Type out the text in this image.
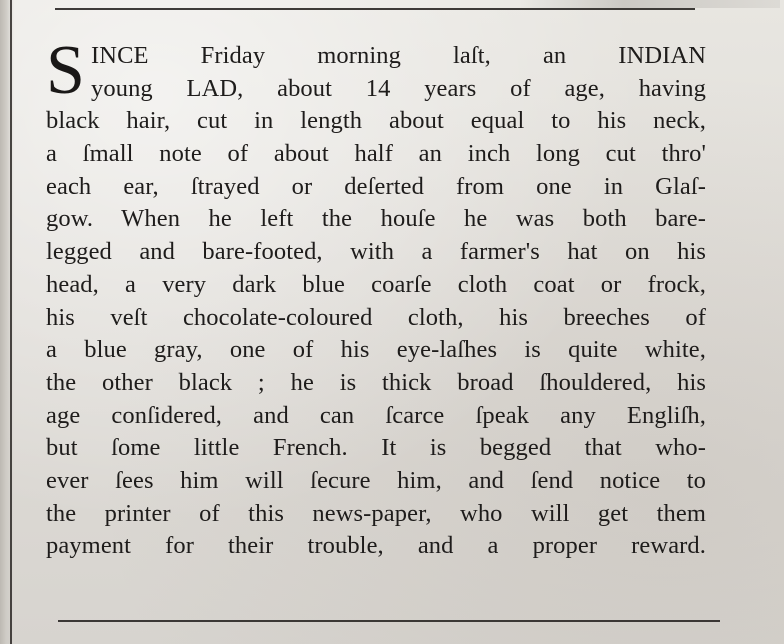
S INCE Friday morning laſt, an INDIAN
young LAD, about 14 years of age, having
black hair, cut in length about equal to his neck,
a ſmall note of about half an inch long cut thro'
each ear, ſtrayed or deſerted from one in Glaſ-
gow. When he left the houſe he was both bare-
legged and bare-footed, with a farmer's hat on his
head, a very dark blue coarſe cloth coat or frock,
his veſt chocolate-coloured cloth, his breeches of
a blue gray, one of his eye-laſhes is quite white,
the other black ; he is thick broad ſhouldered, his
age conſidered, and can ſcarce ſpeak any Engliſh,
but ſome little French. It is begged that who-
ever ſees him will ſecure him, and ſend notice to
the printer of this news-paper, who will get them
payment for their trouble, and a proper reward.
